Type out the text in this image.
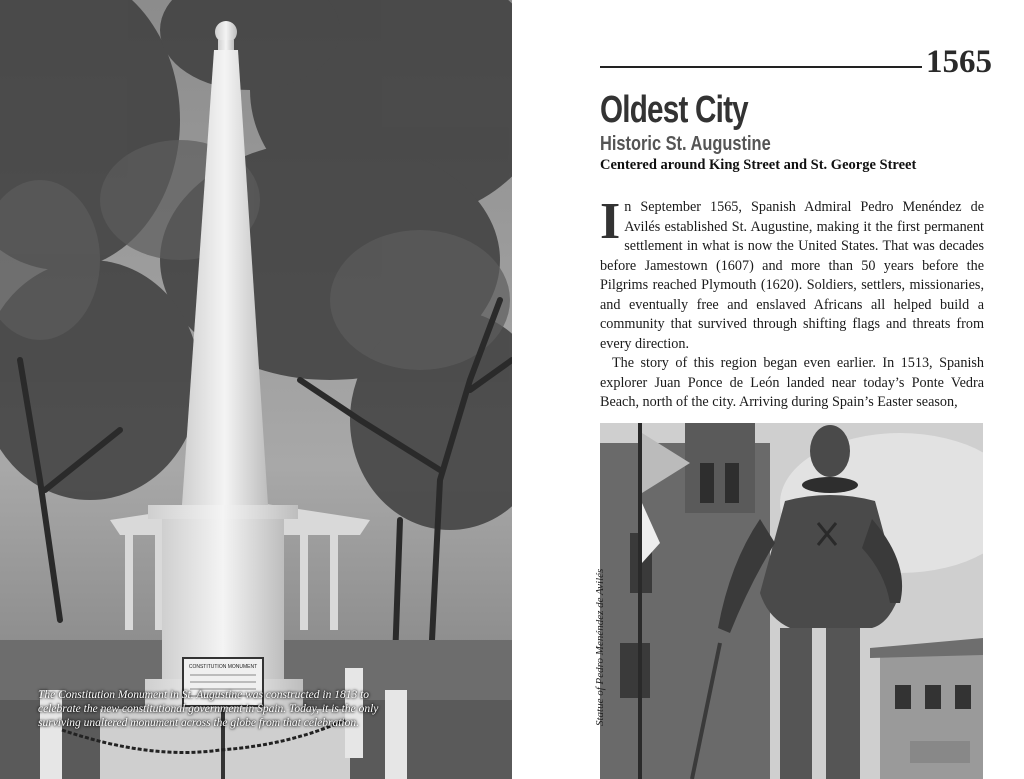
CONSTITUTION MONUMENT
The Constitution Monument in St. Augustine was constructed in 1813 to celebrate the new constitutional government in Spain. Today, it is the only surviving unaltered monument across the globe from that celebration.
1565
Oldest City
Historic St. Augustine
Centered around King Street and St. George Street

In September 1565, Spanish Admiral Pedro Menéndez de Avilés established St. Augustine, making it the first permanent settlement in what is now the United States. That was decades before Jamestown (1607) and more than 50 years before the Pilgrims reached Plymouth (1620). Soldiers, settlers, missionaries, and eventually free and enslaved Africans all helped build a community that survived through shifting flags and threats from every direction.

The story of this region began even earlier. In 1513, Spanish explorer Juan Ponce de León landed near today’s Ponte Vedra Beach, north of the city. Arriving during Spain’s Easter season,

Statue of Pedro Menéndez de Avilés
